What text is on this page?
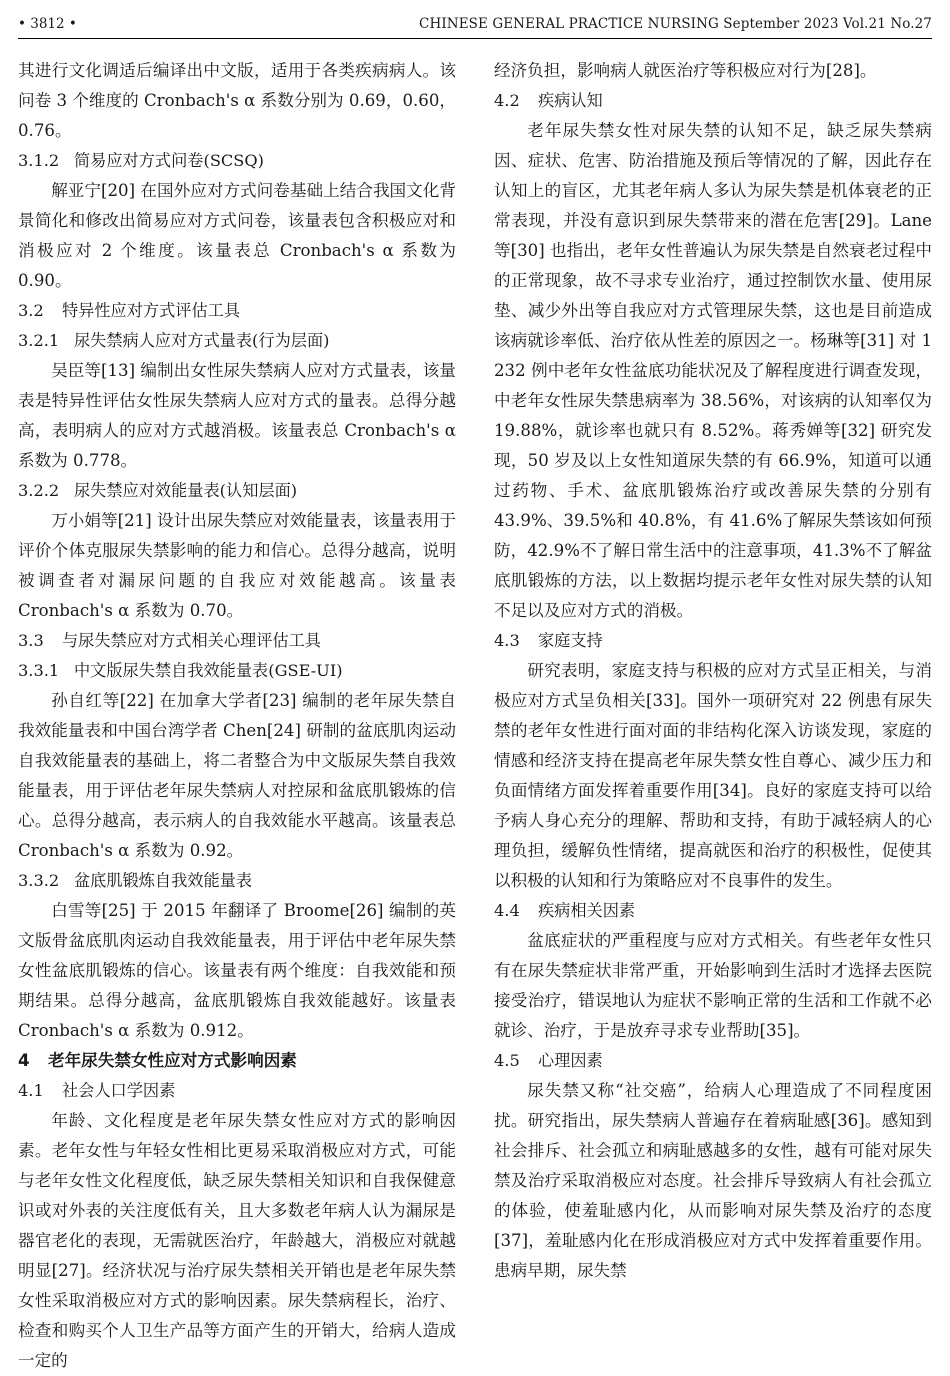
• 3812 •	CHINESE GENERAL PRACTICE NURSING September 2023 Vol.21 No.27

其进行文化调适后编译出中文版，适用于各类疾病病人。该问卷 3 个维度的 Cronbach's α 系数分别为 0.69，0.60，0.76。

3.1.2 简易应对方式问卷(SCSQ)

解亚宁[20] 在国外应对方式问卷基础上结合我国文化背景简化和修改出简易应对方式问卷，该量表包含积极应对和消极应对 2 个维度。该量表总 Cronbach's α 系数为 0.90。

3.2 特异性应对方式评估工具
3.2.1 尿失禁病人应对方式量表(行为层面)

吴臣等[13] 编制出女性尿失禁病人应对方式量表，该量表是特异性评估女性尿失禁病人应对方式的量表。总得分越高，表明病人的应对方式越消极。该量表总 Cronbach's α 系数为 0.778。

3.2.2 尿失禁应对效能量表(认知层面)

万小娟等[21] 设计出尿失禁应对效能量表，该量表用于评价个体克服尿失禁影响的能力和信心。总得分越高，说明被调查者对漏尿问题的自我应对效能越高。该量表 Cronbach's α 系数为 0.70。

3.3 与尿失禁应对方式相关心理评估工具
3.3.1 中文版尿失禁自我效能量表(GSE-UI)

孙自红等[22] 在加拿大学者[23] 编制的老年尿失禁自我效能量表和中国台湾学者 Chen[24] 研制的盆底肌肉运动自我效能量表的基础上，将二者整合为中文版尿失禁自我效能量表，用于评估老年尿失禁病人对控尿和盆底肌锻炼的信心。总得分越高，表示病人的自我效能水平越高。该量表总 Cronbach's α 系数为 0.92。

3.3.2 盆底肌锻炼自我效能量表

白雪等[25] 于 2015 年翻译了 Broome[26] 编制的英文版骨盆底肌肉运动自我效能量表，用于评估中老年尿失禁女性盆底肌锻炼的信心。该量表有两个维度：自我效能和预期结果。总得分越高，盆底肌锻炼自我效能越好。该量表 Cronbach's α 系数为 0.912。

4 老年尿失禁女性应对方式影响因素
4.1 社会人口学因素

年龄、文化程度是老年尿失禁女性应对方式的影响因素。老年女性与年轻女性相比更易采取消极应对方式，可能与老年女性文化程度低，缺乏尿失禁相关知识和自我保健意识或对外表的关注度低有关，且大多数老年病人认为漏尿是器官老化的表现，无需就医治疗，年龄越大，消极应对就越明显[27]。经济状况与治疗尿失禁相关开销也是老年尿失禁女性采取消极应对方式的影响因素。尿失禁病程长，治疗、检查和购买个人卫生产品等方面产生的开销大，给病人造成一定的

经济负担，影响病人就医治疗等积极应对行为[28]。

4.2 疾病认知

老年尿失禁女性对尿失禁的认知不足，缺乏尿失禁病因、症状、危害、防治措施及预后等情况的了解，因此存在认知上的盲区，尤其老年病人多认为尿失禁是机体衰老的正常表现，并没有意识到尿失禁带来的潜在危害[29]。Lane 等[30] 也指出，老年女性普遍认为尿失禁是自然衰老过程中的正常现象，故不寻求专业治疗，通过控制饮水量、使用尿垫、减少外出等自我应对方式管理尿失禁，这也是目前造成该病就诊率低、治疗依从性差的原因之一。杨琳等[31] 对 1 232 例中老年女性盆底功能状况及了解程度进行调查发现，中老年女性尿失禁患病率为 38.56%，对该病的认知率仅为 19.88%，就诊率也就只有 8.52%。蒋秀婵等[32] 研究发现，50 岁及以上女性知道尿失禁的有 66.9%，知道可以通过药物、手术、盆底肌锻炼治疗或改善尿失禁的分别有 43.9%、39.5%和 40.8%，有 41.6%了解尿失禁该如何预防，42.9%不了解日常生活中的注意事项，41.3%不了解盆底肌锻炼的方法，以上数据均提示老年女性对尿失禁的认知不足以及应对方式的消极。

4.3 家庭支持

研究表明，家庭支持与积极的应对方式呈正相关，与消极应对方式呈负相关[33]。国外一项研究对 22 例患有尿失禁的老年女性进行面对面的非结构化深入访谈发现，家庭的情感和经济支持在提高老年尿失禁女性自尊心、减少压力和负面情绪方面发挥着重要作用[34]。良好的家庭支持可以给予病人身心充分的理解、帮助和支持，有助于减轻病人的心理负担，缓解负性情绪，提高就医和治疗的积极性，促使其以积极的认知和行为策略应对不良事件的发生。

4.4 疾病相关因素

盆底症状的严重程度与应对方式相关。有些老年女性只有在尿失禁症状非常严重，开始影响到生活时才选择去医院接受治疗，错误地认为症状不影响正常的生活和工作就不必就诊、治疗，于是放弃寻求专业帮助[35]。

4.5 心理因素

尿失禁又称“社交癌”，给病人心理造成了不同程度困扰。研究指出，尿失禁病人普遍存在着病耻感[36]。感知到社会排斥、社会孤立和病耻感越多的女性，越有可能对尿失禁及治疗采取消极应对态度。社会排斥导致病人有社会孤立的体验，使羞耻感内化，从而影响对尿失禁及治疗的态度[37]，羞耻感内化在形成消极应对方式中发挥着重要作用。患病早期，尿失禁
